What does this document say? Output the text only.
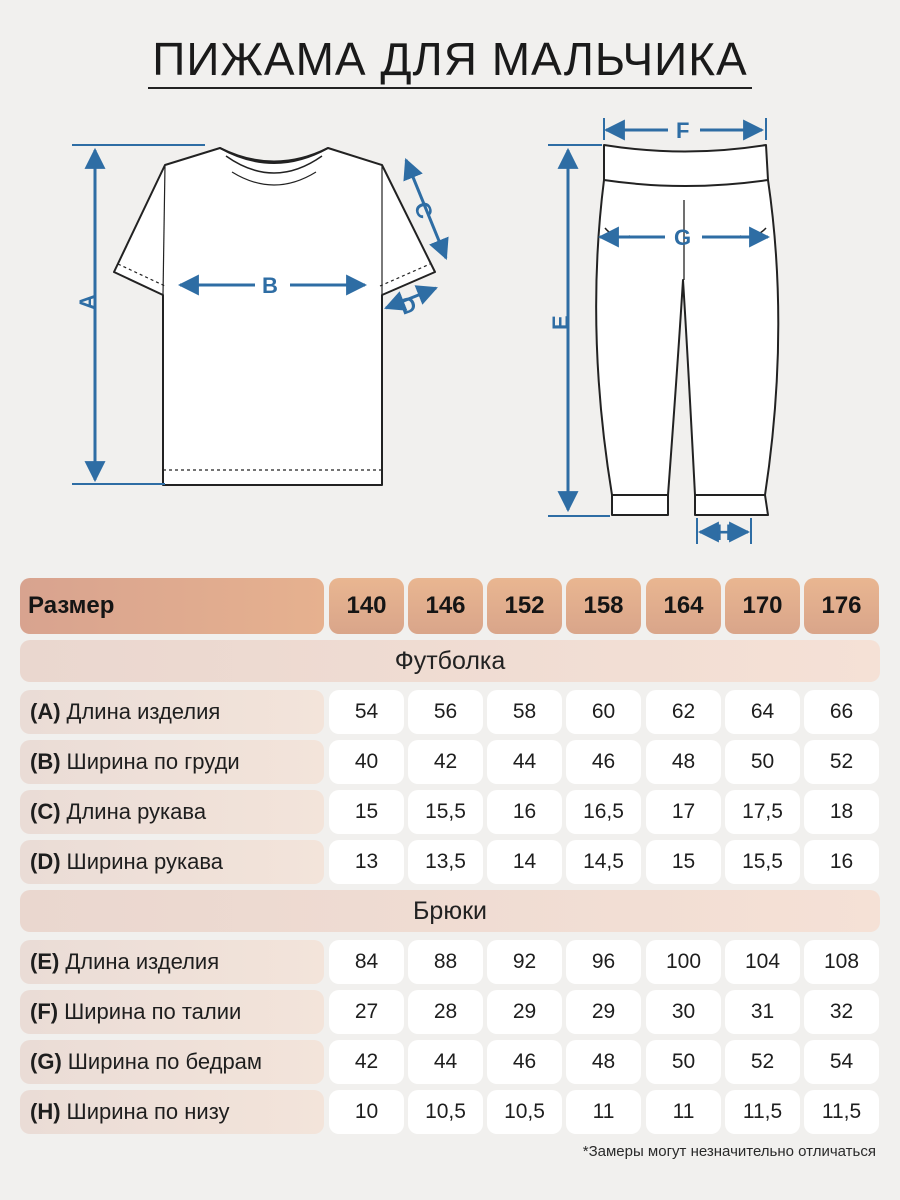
ПИЖАМА ДЛЯ МАЛЬЧИКА
A
B
C
D
E
F
G
H
Размер	140	146	152	158	164	170	176
Футболка
(A) Длина изделия	54	56	58	60	62	64	66
(B) Ширина по груди	40	42	44	46	48	50	52
(C) Длина рукава	15	15,5	16	16,5	17	17,5	18
(D) Ширина рукава	13	13,5	14	14,5	15	15,5	16
Брюки
(E) Длина изделия	84	88	92	96	100	104	108
(F) Ширина по талии	27	28	29	29	30	31	32
(G) Ширина по бедрам	42	44	46	48	50	52	54
(H) Ширина по низу	10	10,5	10,5	11	11	11,5	11,5
*Замеры могут незначительно отличаться
